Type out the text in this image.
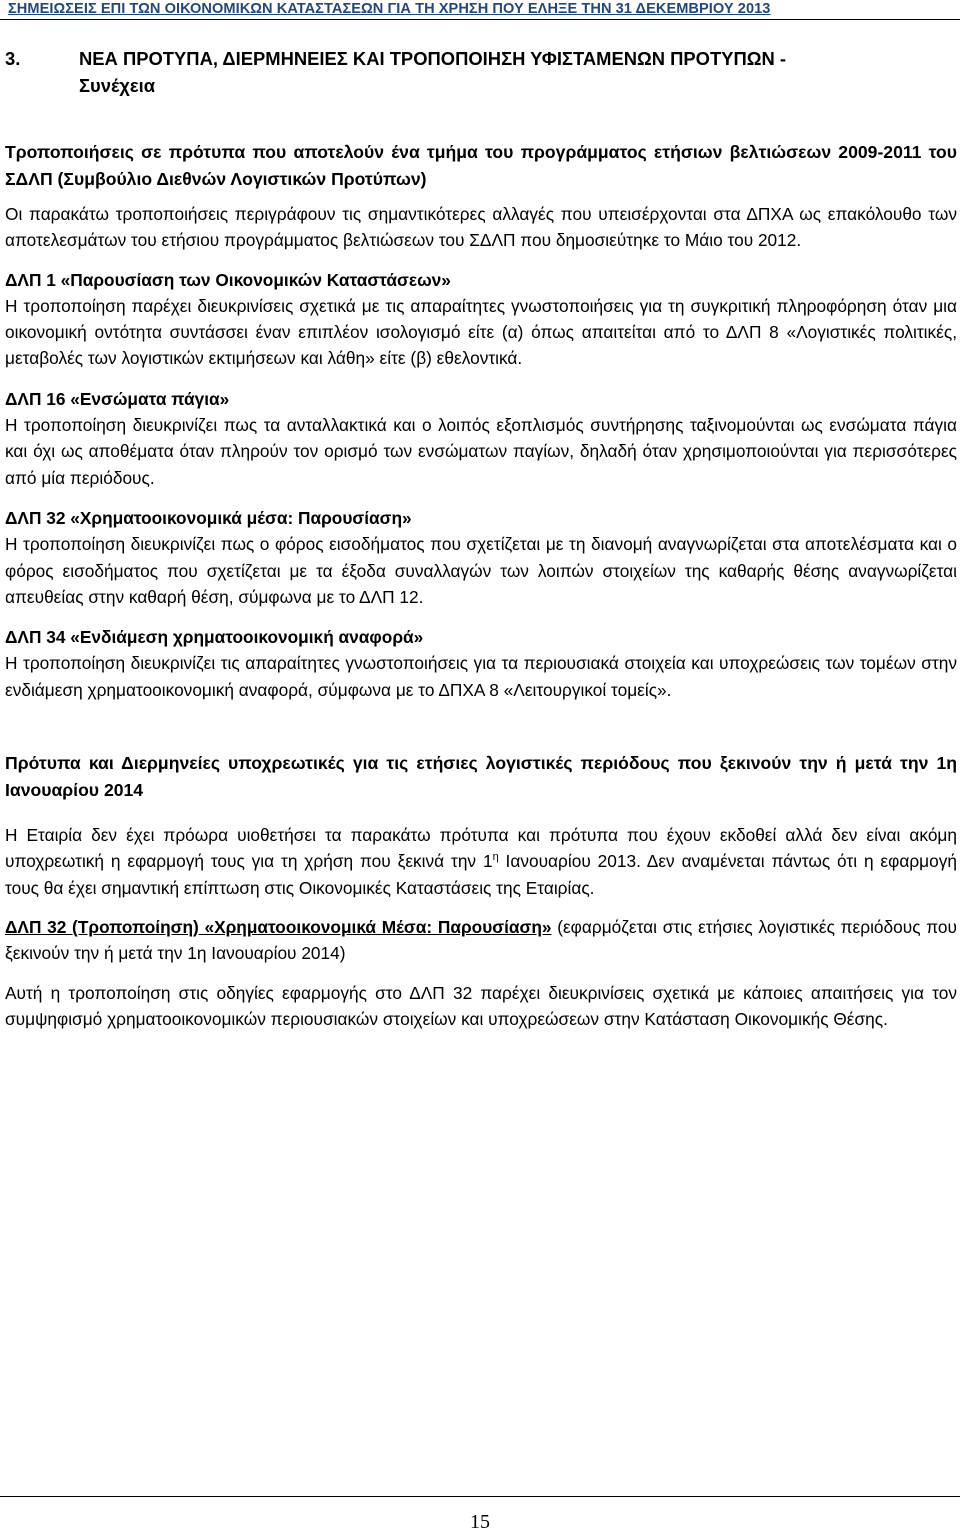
ΣΗΜΕΙΩΣΕΙΣ ΕΠΙ ΤΩΝ ΟΙΚΟΝΟΜΙΚΩΝ ΚΑΤΑΣΤΑΣΕΩΝ ΓΙΑ ΤΗ ΧΡΗΣΗ ΠΟΥ ΕΛΗΞΕ ΤΗΝ 31 ΔΕΚΕΜΒΡΙΟΥ 2013
3.	ΝΕΑ ΠΡΟΤΥΠΑ, ΔΙΕΡΜΗΝΕΙΕΣ ΚΑΙ ΤΡΟΠΟΠΟΙΗΣΗ ΥΦΙΣΤΑΜΕΝΩΝ ΠΡΟΤΥΠΩΝ -
Συνέχεια

Τροποποιήσεις σε πρότυπα που αποτελούν ένα τμήμα του προγράμματος ετήσιων βελτιώσεων 2009-2011 του ΣΔΛΠ (Συμβούλιο Διεθνών Λογιστικών Προτύπων)

Οι παρακάτω τροποποιήσεις περιγράφουν τις σημαντικότερες αλλαγές που υπεισέρχονται στα ΔΠΧΑ ως επακόλουθο των αποτελεσμάτων του ετήσιου προγράμματος βελτιώσεων του ΣΔΛΠ που δημοσιεύτηκε το Μάιο του 2012.

ΔΛΠ 1 «Παρουσίαση των Οικονομικών Καταστάσεων»

Η τροποποίηση παρέχει διευκρινίσεις σχετικά με τις απαραίτητες γνωστοποιήσεις για τη συγκριτική πληροφόρηση όταν μια οικονομική οντότητα συντάσσει έναν επιπλέον ισολογισμό είτε (α) όπως απαιτείται από το ΔΛΠ 8 «Λογιστικές πολιτικές, μεταβολές των λογιστικών εκτιμήσεων και λάθη» είτε (β) εθελοντικά.

ΔΛΠ 16 «Ενσώματα πάγια»

Η τροποποίηση διευκρινίζει πως τα ανταλλακτικά και ο λοιπός εξοπλισμός συντήρησης ταξινομούνται ως ενσώματα πάγια και όχι ως αποθέματα όταν πληρούν τον ορισμό των ενσώματων παγίων, δηλαδή όταν χρησιμοποιούνται για περισσότερες από μία περιόδους.

ΔΛΠ 32 «Χρηματοοικονομικά μέσα: Παρουσίαση»

Η τροποποίηση διευκρινίζει πως ο φόρος εισοδήματος που σχετίζεται με τη διανομή αναγνωρίζεται στα αποτελέσματα και ο φόρος εισοδήματος που σχετίζεται με τα έξοδα συναλλαγών των λοιπών στοιχείων της καθαρής θέσης αναγνωρίζεται απευθείας στην καθαρή θέση, σύμφωνα με το ΔΛΠ 12.

ΔΛΠ 34 «Ενδιάμεση χρηματοοικονομική αναφορά»

Η τροποποίηση διευκρινίζει τις απαραίτητες γνωστοποιήσεις για τα περιουσιακά στοιχεία και υποχρεώσεις των τομέων στην ενδιάμεση χρηματοοικονομική αναφορά, σύμφωνα με το ΔΠΧΑ 8 «Λειτουργικοί τομείς».

Πρότυπα και Διερμηνείες υποχρεωτικές για τις ετήσιες λογιστικές περιόδους που ξεκινούν την ή μετά την 1η Ιανουαρίου 2014

Η Εταιρία δεν έχει πρόωρα υιοθετήσει τα παρακάτω πρότυπα και πρότυπα που έχουν εκδοθεί αλλά δεν είναι ακόμη υποχρεωτική η εφαρμογή τους για τη χρήση που ξεκινά την $1^\eta$ Ιανουαρίου 2013. Δεν αναμένεται πάντως ότι η εφαρμογή τους θα έχει σημαντική επίπτωση στις Οικονομικές Καταστάσεις της Εταιρίας.

ΔΛΠ 32 (Τροποποίηση) «Χρηματοοικονομικά Μέσα: Παρουσίαση» (εφαρμόζεται στις ετήσιες λογιστικές περιόδους που ξεκινούν την ή μετά την 1η Ιανουαρίου 2014)

Αυτή η τροποποίηση στις οδηγίες εφαρμογής στο ΔΛΠ 32 παρέχει διευκρινίσεις σχετικά με κάποιες απαιτήσεις για τον συμψηφισμό χρηματοοικονομικών περιουσιακών στοιχείων και υποχρεώσεων στην Κατάσταση Οικονομικής Θέσης.

15
